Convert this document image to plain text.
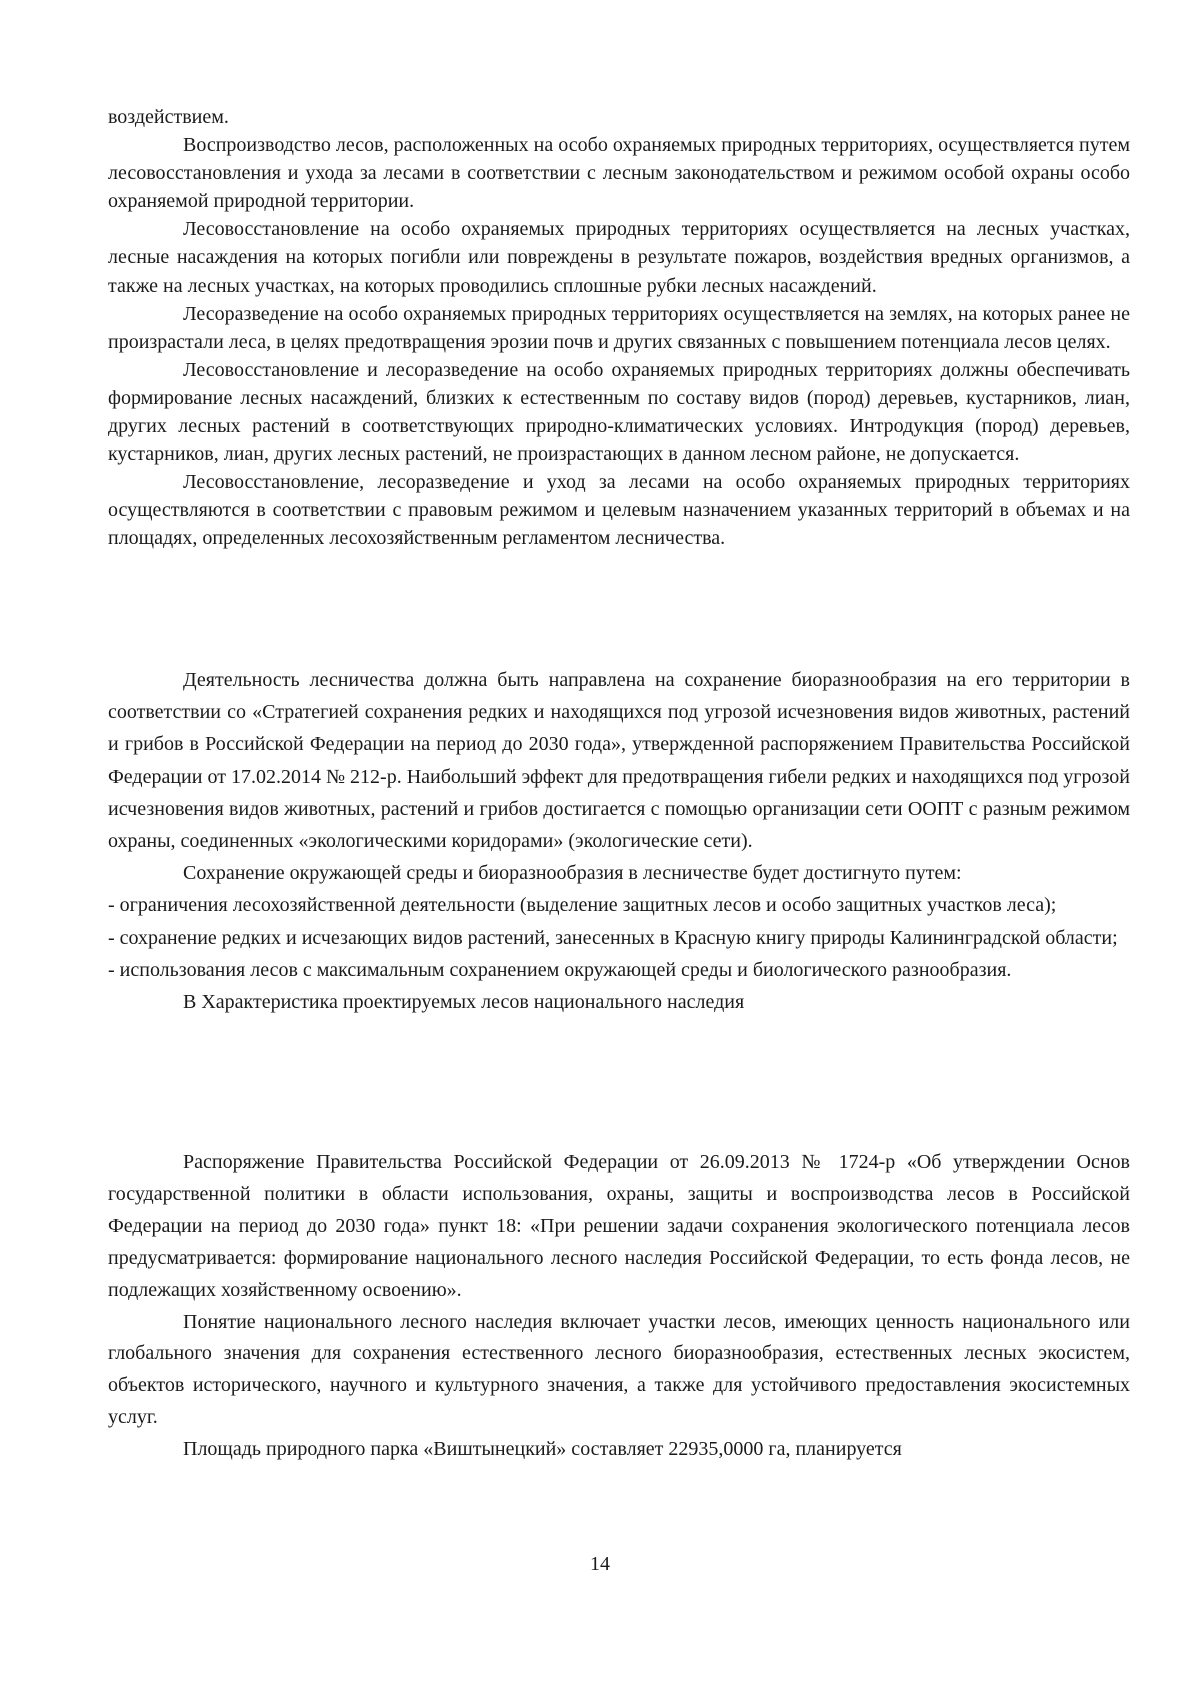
воздействием.

Воспроизводство лесов, расположенных на особо охраняемых природных территориях, осуществляется путем лесовосстановления и ухода за лесами в соответствии с лесным законодательством и режимом особой охраны особо охраняемой природной территории.

Лесовосстановление на особо охраняемых природных территориях осуществляется на лесных участках, лесные насаждения на которых погибли или повреждены в результате пожаров, воздействия вредных организмов, а также на лесных участках, на которых проводились сплошные рубки лесных насаждений.

Лесоразведение на особо охраняемых природных территориях осуществляется на землях, на которых ранее не произрастали леса, в целях предотвращения эрозии почв и других связанных с повышением потенциала лесов целях.

Лесовосстановление и лесоразведение на особо охраняемых природных территориях должны обеспечивать формирование лесных насаждений, близких к естественным по составу видов (пород) деревьев, кустарников, лиан, других лесных растений в соответствующих природно-климатических условиях. Интродукция (пород) деревьев, кустарников, лиан, других лесных растений, не произрастающих в данном лесном районе, не допускается.

Лесовосстановление, лесоразведение и уход за лесами на особо охраняемых природных территориях осуществляются в соответствии с правовым режимом и целевым назначением указанных территорий в объемах и на площадях, определенных лесохозяйственным регламентом лесничества.

Деятельность лесничества должна быть направлена на сохранение биоразнообразия на его территории в соответствии со «Стратегией сохранения редких и находящихся под угрозой исчезновения видов животных, растений и грибов в Российской Федерации на период до 2030 года», утвержденной распоряжением Правительства Российской Федерации от 17.02.2014 № 212-р. Наибольший эффект для предотвращения гибели редких и находящихся под угрозой исчезновения видов животных, растений и грибов достигается с помощью организации сети ООПТ с разным режимом охраны, соединенных «экологическими коридорами» (экологические сети).

Сохранение окружающей среды и биоразнообразия в лесничестве будет достигнуто путем:

- ограничения лесохозяйственной деятельности (выделение защитных лесов и особо защитных участков леса);

- сохранение редких и исчезающих видов растений, занесенных в Красную книгу природы Калининградской области;

- использования лесов с максимальным сохранением окружающей среды и биологического разнообразия.

В Характеристика проектируемых лесов национального наследия

Распоряжение Правительства Российской Федерации от 26.09.2013 № 1724-р «Об утверждении Основ государственной политики в области использования, охраны, защиты и воспроизводства лесов в Российской Федерации на период до 2030 года» пункт 18: «При решении задачи сохранения экологического потенциала лесов предусматривается: формирование национального лесного наследия Российской Федерации, то есть фонда лесов, не подлежащих хозяйственному освоению».

Понятие национального лесного наследия включает участки лесов, имеющих ценность национального или глобального значения для сохранения естественного лесного биоразнообразия, естественных лесных экосистем, объектов исторического, научного и культурного значения, а также для устойчивого предоставления экосистемных услуг.

Площадь природного парка «Виштынецкий» составляет 22935,0000 га, планируется

14
